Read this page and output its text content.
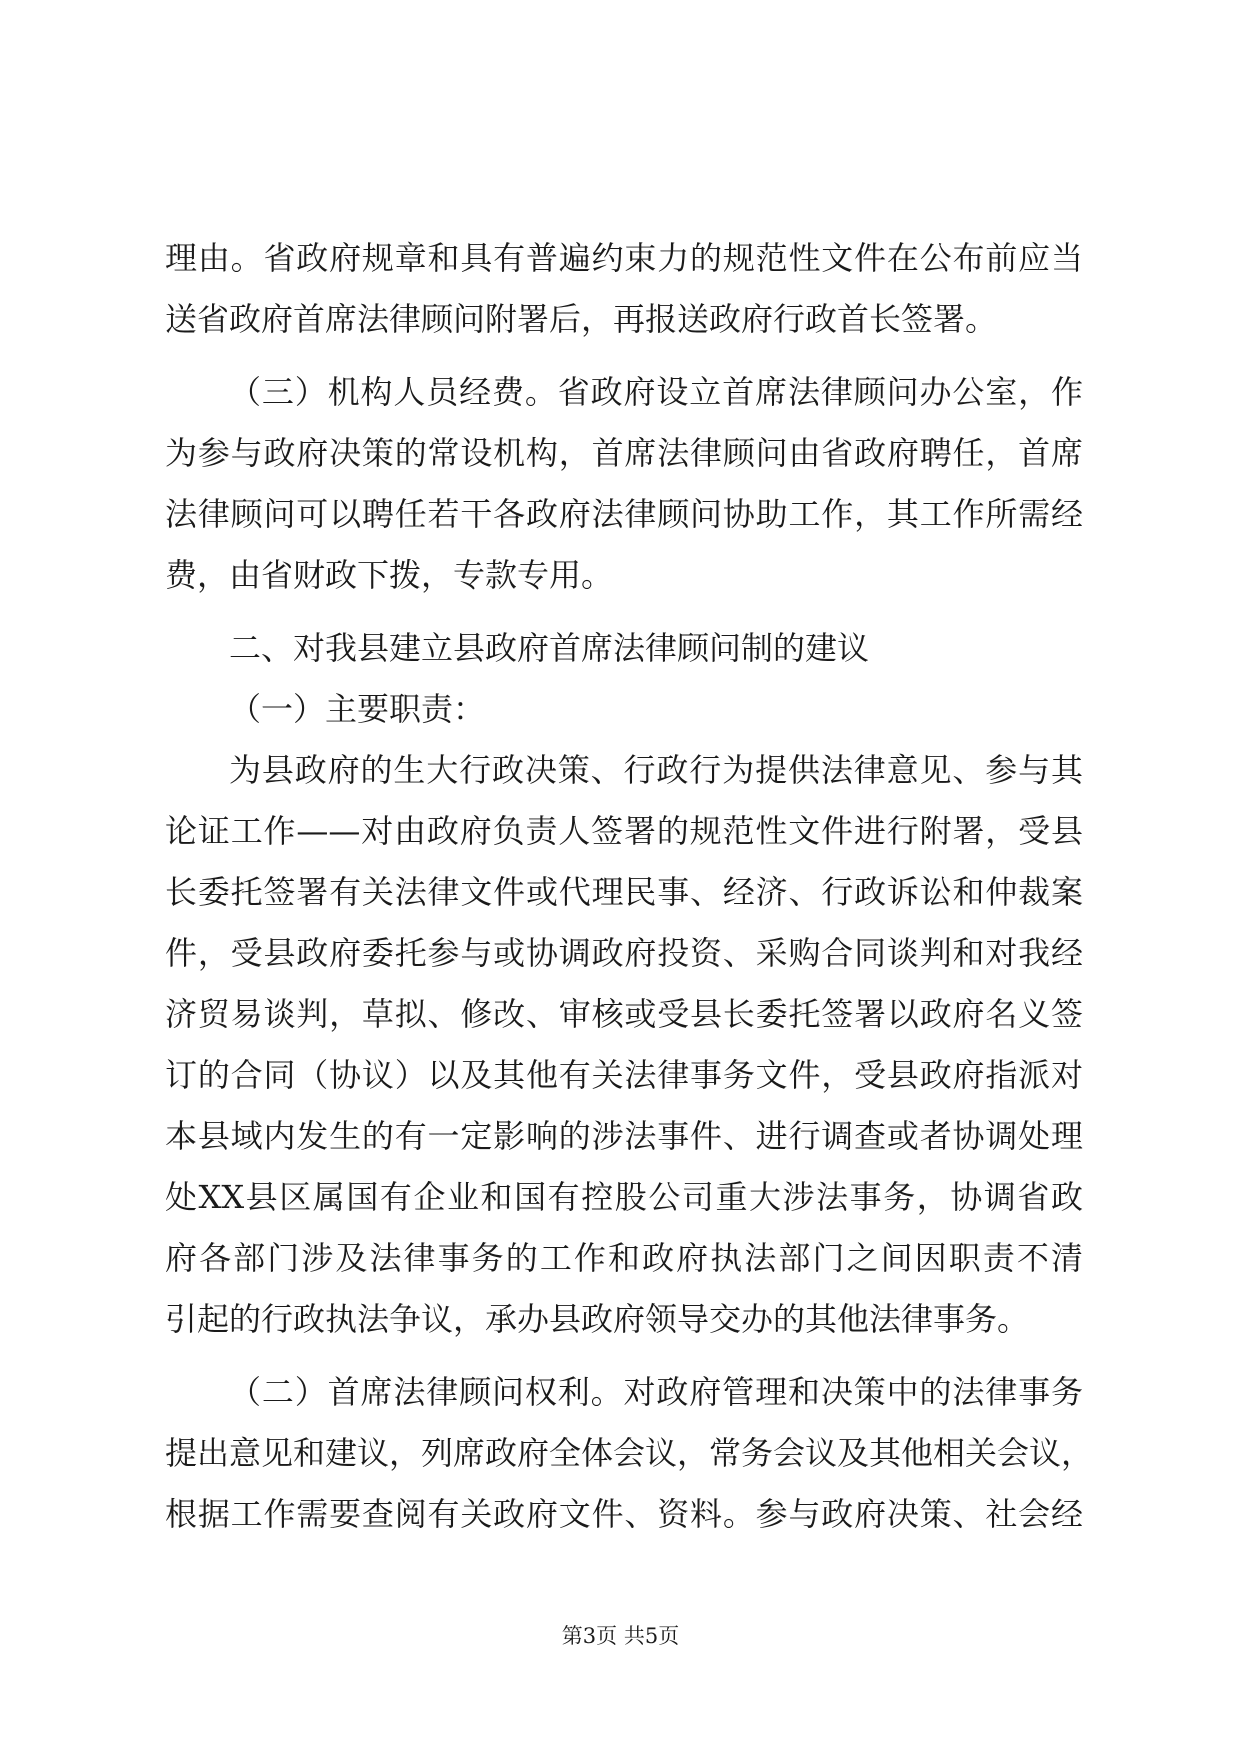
理由。省政府规章和具有普遍约束力的规范性文件在公布前应当
送省政府首席法律顾问附署后，再报送政府行政首长签署。
（三）机构人员经费。省政府设立首席法律顾问办公室，作
为参与政府决策的常设机构，首席法律顾问由省政府聘任，首席
法律顾问可以聘任若干各政府法律顾问协助工作，其工作所需经
费，由省财政下拨，专款专用。
二、对我县建立县政府首席法律顾问制的建议
（一）主要职责：
为县政府的生大行政决策、行政行为提供法律意见、参与其
论证工作——对由政府负责人签署的规范性文件进行附署，受县
长委托签署有关法律文件或代理民事、经济、行政诉讼和仲裁案
件，受县政府委托参与或协调政府投资、采购合同谈判和对我经
济贸易谈判，草拟、修改、审核或受县长委托签署以政府名义签
订的合同（协议）以及其他有关法律事务文件，受县政府指派对
本县域内发生的有一定影响的涉法事件、进行调查或者协调处理
处XX县区属国有企业和国有控股公司重大涉法事务，协调省政
府各部门涉及法律事务的工作和政府执法部门之间因职责不清
引起的行政执法争议，承办县政府领导交办的其他法律事务。
（二）首席法律顾问权利。对政府管理和决策中的法律事务
提出意见和建议，列席政府全体会议，常务会议及其他相关会议，
根据工作需要查阅有关政府文件、资料。参与政府决策、社会经
第3页 共5页
